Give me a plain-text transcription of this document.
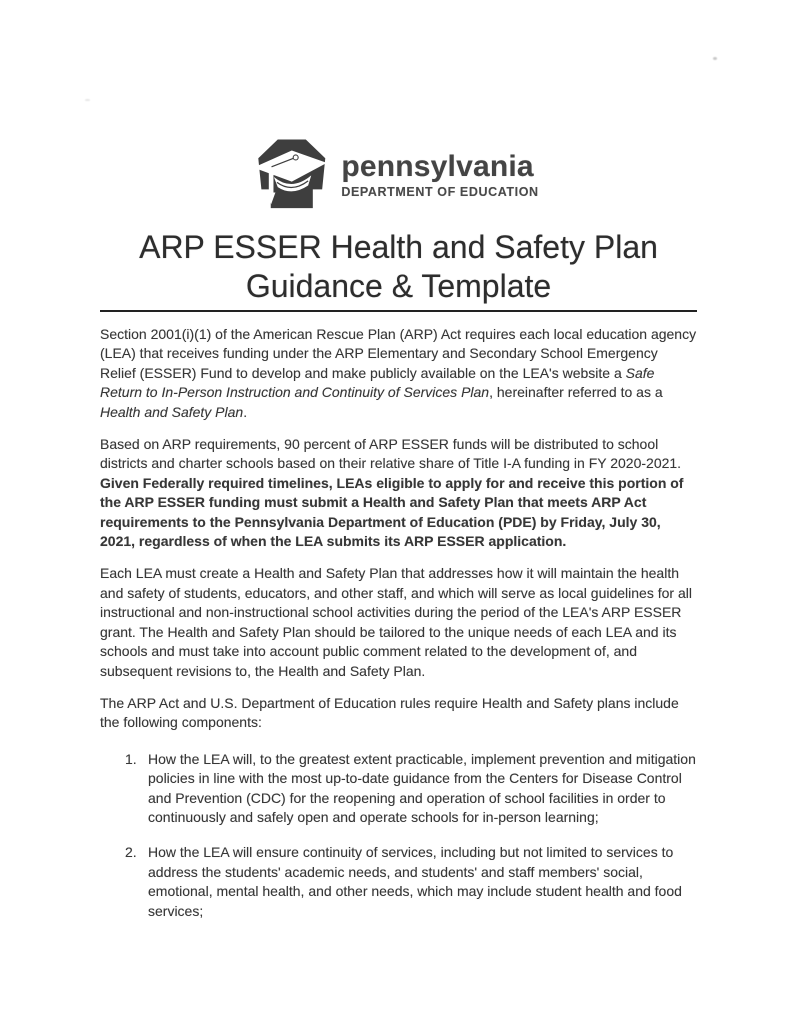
pennsylvania
DEPARTMENT OF EDUCATION
ARP ESSER Health and Safety Plan
Guidance & Template

Section 2001(i)(1) of the American Rescue Plan (ARP) Act requires each local education agency (LEA) that receives funding under the ARP Elementary and Secondary School Emergency Relief (ESSER) Fund to develop and make publicly available on the LEA's website a Safe Return to In-Person Instruction and Continuity of Services Plan, hereinafter referred to as a Health and Safety Plan.

Based on ARP requirements, 90 percent of ARP ESSER funds will be distributed to school districts and charter schools based on their relative share of Title I-A funding in FY 2020-2021. Given Federally required timelines, LEAs eligible to apply for and receive this portion of the ARP ESSER funding must submit a Health and Safety Plan that meets ARP Act requirements to the Pennsylvania Department of Education (PDE) by Friday, July 30, 2021, regardless of when the LEA submits its ARP ESSER application.

Each LEA must create a Health and Safety Plan that addresses how it will maintain the health and safety of students, educators, and other staff, and which will serve as local guidelines for all instructional and non-instructional school activities during the period of the LEA's ARP ESSER grant. The Health and Safety Plan should be tailored to the unique needs of each LEA and its schools and must take into account public comment related to the development of, and subsequent revisions to, the Health and Safety Plan.

The ARP Act and U.S. Department of Education rules require Health and Safety plans include the following components:

1. How the LEA will, to the greatest extent practicable, implement prevention and mitigation policies in line with the most up-to-date guidance from the Centers for Disease Control and Prevention (CDC) for the reopening and operation of school facilities in order to continuously and safely open and operate schools for in-person learning;
2. How the LEA will ensure continuity of services, including but not limited to services to address the students' academic needs, and students' and staff members' social, emotional, mental health, and other needs, which may include student health and food services;
